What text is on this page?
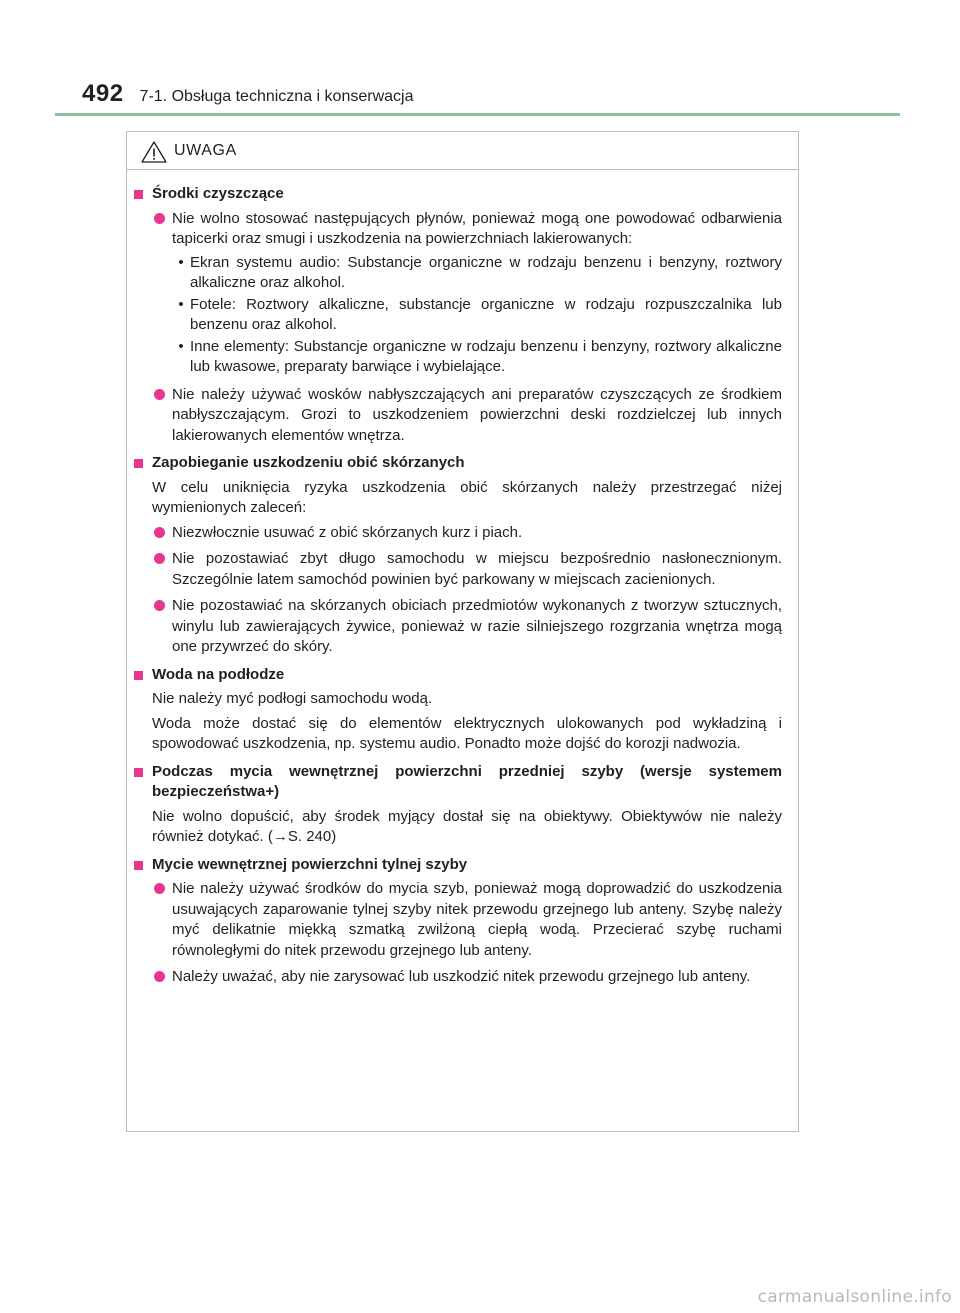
492 7-1. Obsługa techniczna i konserwacja
UWAGA
Środki czyszczące
Nie wolno stosować następujących płynów, ponieważ mogą one powodować odbarwienia tapicerki oraz smugi i uszkodzenia na powierzchniach lakierowanych:
• Ekran systemu audio: Substancje organiczne w rodzaju benzenu i benzyny, roztwory alkaliczne oraz alkohol.
• Fotele: Roztwory alkaliczne, substancje organiczne w rodzaju rozpuszczalnika lub benzenu oraz alkohol.
• Inne elementy: Substancje organiczne w rodzaju benzenu i benzyny, roztwory alkaliczne lub kwasowe, preparaty barwiące i wybielające.
Nie należy używać wosków nabłyszczających ani preparatów czyszczących ze środkiem nabłyszczającym. Grozi to uszkodzeniem powierzchni deski rozdzielczej lub innych lakierowanych elementów wnętrza.
Zapobieganie uszkodzeniu obić skórzanych
W celu uniknięcia ryzyka uszkodzenia obić skórzanych należy przestrzegać niżej wymienionych zaleceń:
Niezwłocznie usuwać z obić skórzanych kurz i piach.
Nie pozostawiać zbyt długo samochodu w miejscu bezpośrednio nasłonecznionym. Szczególnie latem samochód powinien być parkowany w miejscach zacienionych.
Nie pozostawiać na skórzanych obiciach przedmiotów wykonanych z tworzyw sztucznych, winylu lub zawierających żywice, ponieważ w razie silniejszego rozgrzania wnętrza mogą one przywrzeć do skóry.
Woda na podłodze
Nie należy myć podłogi samochodu wodą.
Woda może dostać się do elementów elektrycznych ulokowanych pod wykładziną i spowodować uszkodzenia, np. systemu audio. Ponadto może dojść do korozji nadwozia.
Podczas mycia wewnętrznej powierzchni przedniej szyby (wersje systemem bezpieczeństwa+)
Nie wolno dopuścić, aby środek myjący dostał się na obiektywy. Obiektywów nie należy również dotykać. (→S. 240)
Mycie wewnętrznej powierzchni tylnej szyby
Nie należy używać środków do mycia szyb, ponieważ mogą doprowadzić do uszkodzenia usuwających zaparowanie tylnej szyby nitek przewodu grzejnego lub anteny. Szybę należy myć delikatnie miękką szmatką zwilżoną ciepłą wodą. Przecierać szybę ruchami równoległymi do nitek przewodu grzejnego lub anteny.
Należy uważać, aby nie zarysować lub uszkodzić nitek przewodu grzejnego lub anteny.
carmanualsonline.info
